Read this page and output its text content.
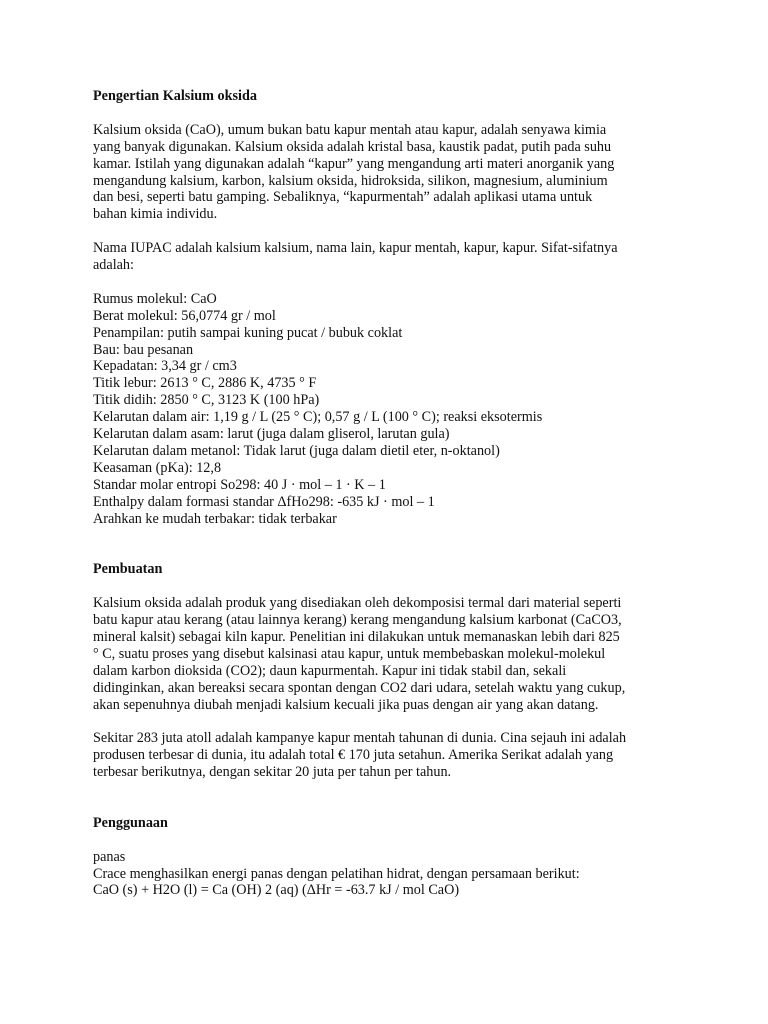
Pengertian Kalsium oksida

Kalsium oksida (CaO), umum bukan batu kapur mentah atau kapur, adalah senyawa kimia
yang banyak digunakan. Kalsium oksida adalah kristal basa, kaustik padat, putih pada suhu
kamar. Istilah yang digunakan adalah “kapur” yang mengandung arti materi anorganik yang
mengandung kalsium, karbon, kalsium oksida, hidroksida, silikon, magnesium, aluminium
dan besi, seperti batu gamping. Sebaliknya, “kapurmentah” adalah aplikasi utama untuk
bahan kimia individu.
Nama IUPAC adalah kalsium kalsium, nama lain, kapur mentah, kapur, kapur. Sifat-sifatnya
adalah:
Rumus molekul: CaO
Berat molekul: 56,0774 gr / mol
Penampilan: putih sampai kuning pucat / bubuk coklat
Bau: bau pesanan
Kepadatan: 3,34 gr / cm3
Titik lebur: 2613 ° C, 2886 K, 4735 ° F
Titik didih: 2850 ° C, 3123 K (100 hPa)
Kelarutan dalam air: 1,19 g / L (25 ° C); 0,57 g / L (100 ° C); reaksi eksotermis
Kelarutan dalam asam: larut (juga dalam gliserol, larutan gula)
Kelarutan dalam metanol: Tidak larut (juga dalam dietil eter, n-oktanol)
Keasaman (pKa): 12,8
Standar molar entropi So298: 40 J · mol – 1 · K – 1
Enthalpy dalam formasi standar ΔfHo298: -635 kJ · mol – 1
Arahkan ke mudah terbakar: tidak terbakar

Pembuatan

Kalsium oksida adalah produk yang disediakan oleh dekomposisi termal dari material seperti
batu kapur atau kerang (atau lainnya kerang) kerang mengandung kalsium karbonat (CaCO3,
mineral kalsit) sebagai kiln kapur. Penelitian ini dilakukan untuk memanaskan lebih dari 825
° C, suatu proses yang disebut kalsinasi atau kapur, untuk membebaskan molekul-molekul
dalam karbon dioksida (CO2); daun kapurmentah. Kapur ini tidak stabil dan, sekali
didinginkan, akan bereaksi secara spontan dengan CO2 dari udara, setelah waktu yang cukup,
akan sepenuhnya diubah menjadi kalsium kecuali jika puas dengan air yang akan datang.
Sekitar 283 juta atoll adalah kampanye kapur mentah tahunan di dunia. Cina sejauh ini adalah
produsen terbesar di dunia, itu adalah total € 170 juta setahun. Amerika Serikat adalah yang
terbesar berikutnya, dengan sekitar 20 juta per tahun per tahun.

Penggunaan

panas
Crace menghasilkan energi panas dengan pelatihan hidrat, dengan persamaan berikut:
CaO (s) + H2O (l) = Ca (OH) 2 (aq) (ΔHr = -63.7 kJ / mol CaO)
